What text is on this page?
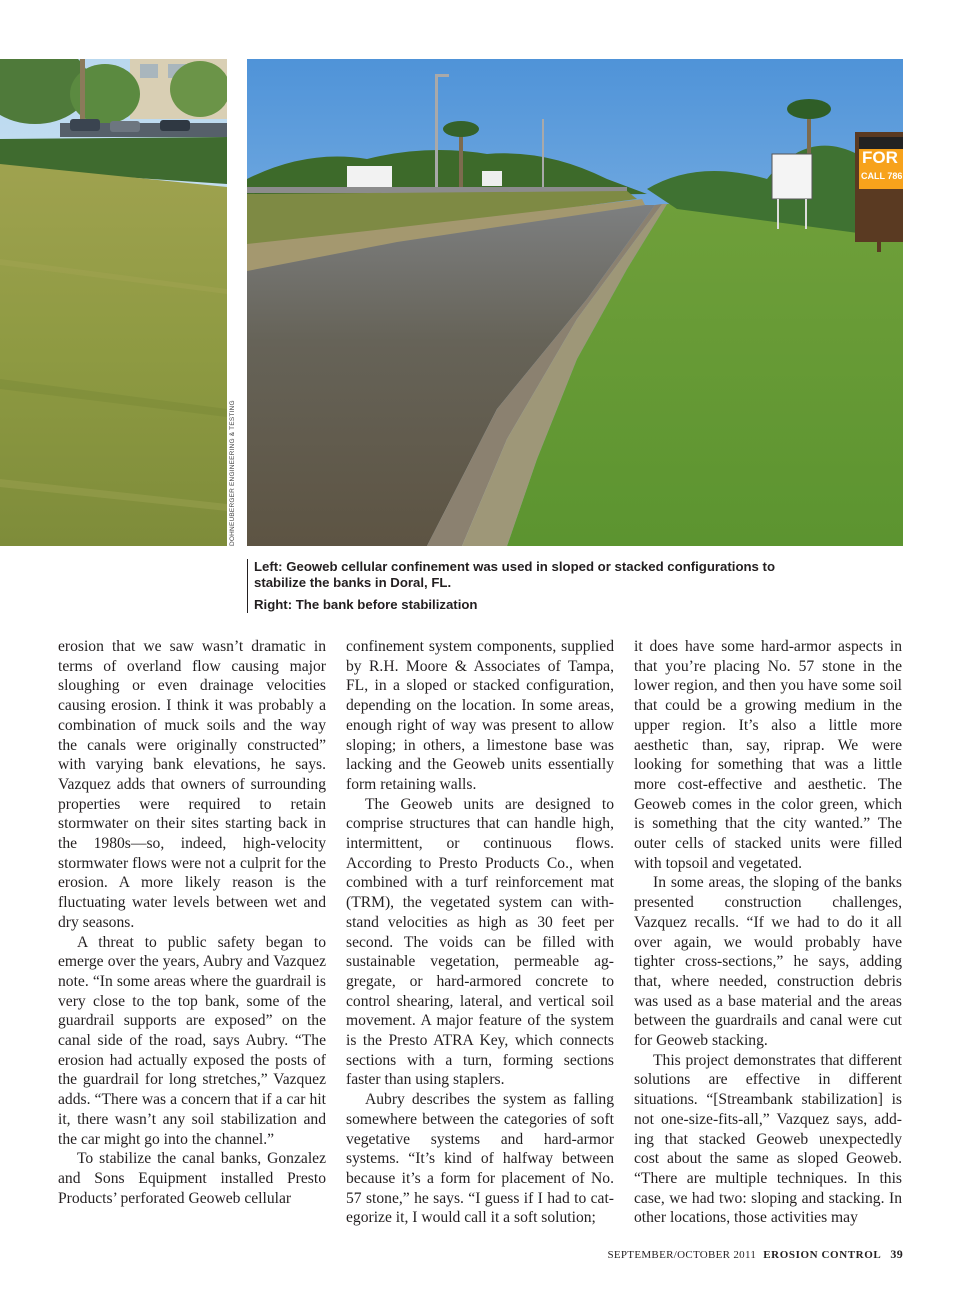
DOHNEUBERGER ENGINEERING & TESTING
FOR
CALL 786
Left: Geoweb cellular confinement was used in sloped or stacked configurations to stabilize the banks in Doral, FL.
Right: The bank before stabilization

erosion that we saw wasn’t dramatic in terms of overland flow causing major sloughing or even drainage velocities causing erosion. I think it was probably a combination of muck soils and the way the canals were originally constructed” with varying bank elevations, he says. Vazquez adds that owners of surrounding properties were required to retain stormwater on their sites starting back in the 1980s—so, indeed, high-velocity stormwater flows were not a culprit for the erosion. A more likely reason is the fluctuating water levels between wet and dry seasons.

A threat to public safety began to emerge over the years, Aubry and Vazquez note. “In some areas where the guardrail is very close to the top bank, some of the guardrail supports are exposed” on the canal side of the road, says Aubry. “The erosion had actually exposed the posts of the guardrail for long stretches,” Vazquez adds. “There was a concern that if a car hit it, there wasn’t any soil stabilization and the car might go into the channel.”

To stabilize the canal banks, Gonzalez and Sons Equipment installed Presto Products’ perforated Geoweb cellular

confinement system components, supplied by R.H. Moore & Associates of Tampa, FL, in a sloped or stacked configuration, depending on the location. In some areas, enough right of way was present to allow sloping; in others, a limestone base was lacking and the Geoweb units essentially form retaining walls.

The Geoweb units are designed to comprise structures that can handle high, intermittent, or continuous flows. According to Presto Products Co., when combined with a turf reinforcement mat (TRM), the vegetated system can withstand velocities as high as 30 feet per second. The voids can be filled with sustainable vegetation, permeable aggregate, or hard-armored concrete to control shearing, lateral, and vertical soil movement. A major feature of the system is the Presto ATRA Key, which connects sections with a turn, forming sections faster than using staplers.

Aubry describes the system as falling somewhere between the categories of soft vegetative systems and hard-armor systems. “It’s kind of halfway between because it’s a form for placement of No. 57 stone,” he says. “I guess if I had to categorize it, I would call it a soft solution;

it does have some hard-armor aspects in that you’re placing No. 57 stone in the lower region, and then you have some soil that could be a growing medium in the upper region. It’s also a little more aesthetic than, say, riprap. We were looking for something that was a little more cost-effective and aesthetic. The Geoweb comes in the color green, which is something that the city wanted.” The outer cells of stacked units were filled with topsoil and vegetated.

In some areas, the sloping of the banks presented construction challenges, Vazquez recalls. “If we had to do it all over again, we would probably have tighter cross-sections,” he says, adding that, where needed, construction debris was used as a base material and the areas between the guardrails and canal were cut for Geoweb stacking.

This project demonstrates that different solutions are effective in different situations. “[Streambank stabilization] is not one-size-fits-all,” Vazquez says, adding that stacked Geoweb unexpectedly cost about the same as sloped Geoweb. “There are multiple techniques. In this case, we had two: sloping and stacking. In other locations, those activities may

SEPTEMBER/OCTOBER 2011 EROSION CONTROL 39
